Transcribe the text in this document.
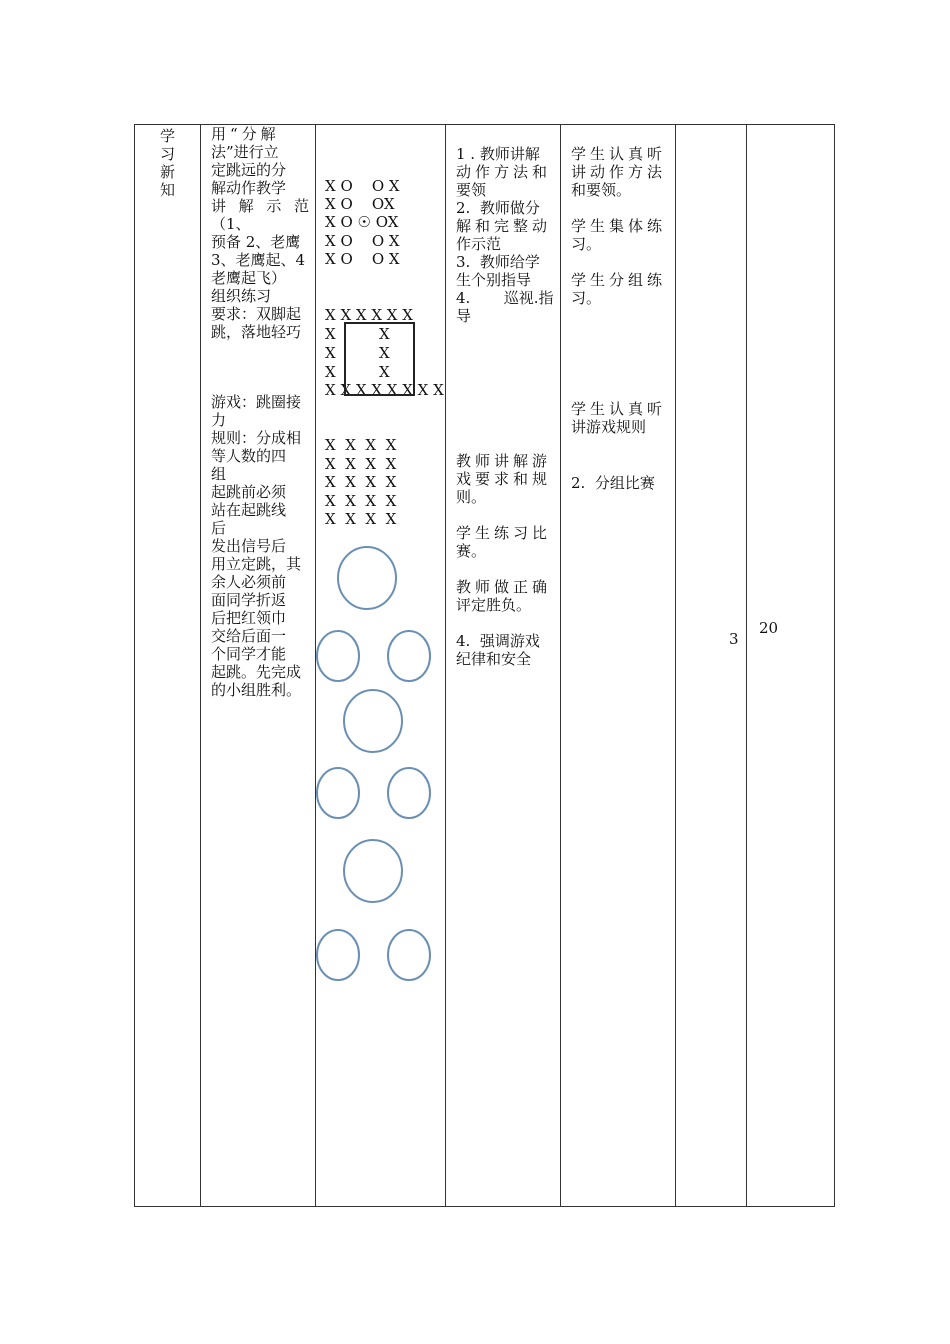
学习新知

用“分解
法”进行立
定跳远的分
解动作教学
讲解示范（1、
预备 2、老鹰
3、老鹰起、4
老鹰起飞）
组织练习
要求：双脚起
跳，落地轻巧
游戏：跳圈接
力
规则：分成相
等人数的四
组
起跳前必须
站在起跳线
后
发出信号后
用立定跳，其
余人必须前
面同学折返
后把红领巾
交给后面一
个同学才能
起跳。先完成
的小组胜利。

X O    O X
X O    OX
X O ☉ OX
X O    O X
X O    O X
X X X X X X
X	X
X	X
X	X
X X X X X X X X
X  X  X  X
X  X  X  X
X  X  X  X
X  X  X  X
X  X  X  X

1 . 教师讲解
动作方法和
要领
2.  教师做分
解和完整动
作示范
3.  教师给学
生个别指导
4.       巡视.指
导
教师讲解游
戏要求和规
则。
学生练习比
赛。
教师做正确
评定胜负。
4.  强调游戏
纪律和安全

学生认真听
讲动作方法
和要领。
学生集体练
习。
学生分组练
习。
学生认真听
讲游戏规则
2.  分组比赛

3

20
